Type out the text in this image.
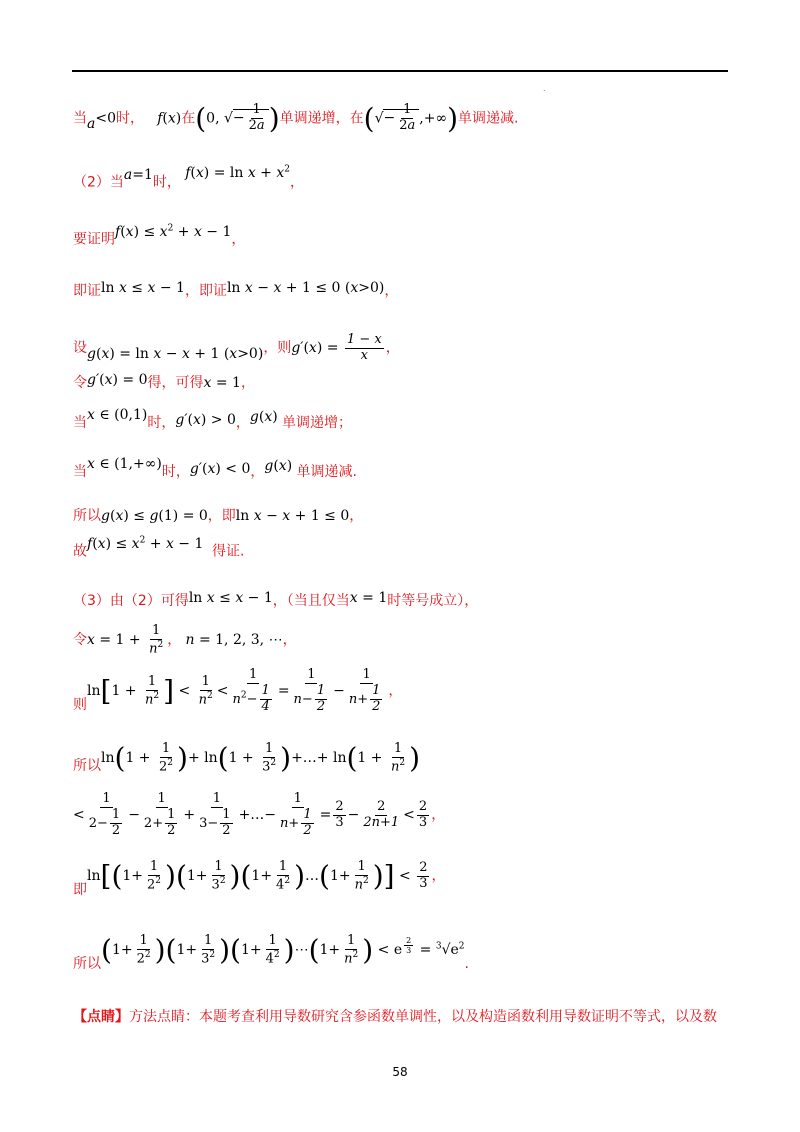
.
当a<0时，   f(x)在(0, √− $\frac{1}{2a}$ )单调递增，在(√− $\frac{1}{2a}$ ,+∞)单调递减.
（2）当a=1时， $f(x) = \ln x + x^2$，
要证明$f(x) \le x^2 + x - 1$，
即证ln x ≤ x − 1，即证ln x − x + 1 ≤ 0 (x>0)，
设g(x) = ln x − x + 1 (x>0)，则$g'(x) = \frac{1 - x}{x}$ ，
令g′(x) = 0得，可得x = 1，
当x ∈ (0,1)时，g′(x) > 0，g(x) 单调递增；
当x ∈ (1,+∞)时，g′(x) < 0，g(x) 单调递减.
所以g(x) ≤ g(1) = 0，即ln x − x + 1 ≤ 0，
故$f(x) \le x^2 + x - 1$ 得证.
（3）由（2）可得ln x ≤ x − 1，（当且仅当x = 1时等号成立），
令$x = 1 + \frac{1}{n^2}$ ， n = 1, 2, 3, ⋯，
则$\ln[1 + \frac{1}{n^2}$ ] < $\frac{1}{n^2} < \frac{1}{n^2- \frac{1}{4}} = \frac{1}{n- \frac{1}{2}} - \frac{1}{n+ \frac{1}{2}}$ ，
所以$\ln(1 + \frac{1}{2^2}$ )+ $\ln(1 + \frac{1}{3^2}$ )+…+ $\ln(1 + \frac{1}{n^2}$ )
< $\frac{1}{2- \frac{1}{2}} - \frac{1}{2+ \frac{1}{2}} + \frac{1}{3- \frac{1}{2}}$ +…− $\frac{1}{n+ \frac{1}{2}} = \frac{2}{3} - \frac{2}{2n+1} < \frac{2}{3}$ ，
即$\ln[(1+ \frac{1}{2^2} )(1+ \frac{1}{3^2} )(1+ \frac{1}{4^2}$ )…(1+ $\frac{1}{n^2}$ )] < $\frac{2}{3}$ ，
所以$(1+ \frac{1}{2^2} )(1+ \frac{1}{3^2} )(1+ \frac{1}{4^2}$ )⋯(1+ $\frac{1}{n^2}$ ) < e $^{\frac{2}{3}} = ^3√e^2$.
【点睛】方法点睛：本题考查利用导数研究含参函数单调性，以及构造函数利用导数证明不等式，以及数
58
